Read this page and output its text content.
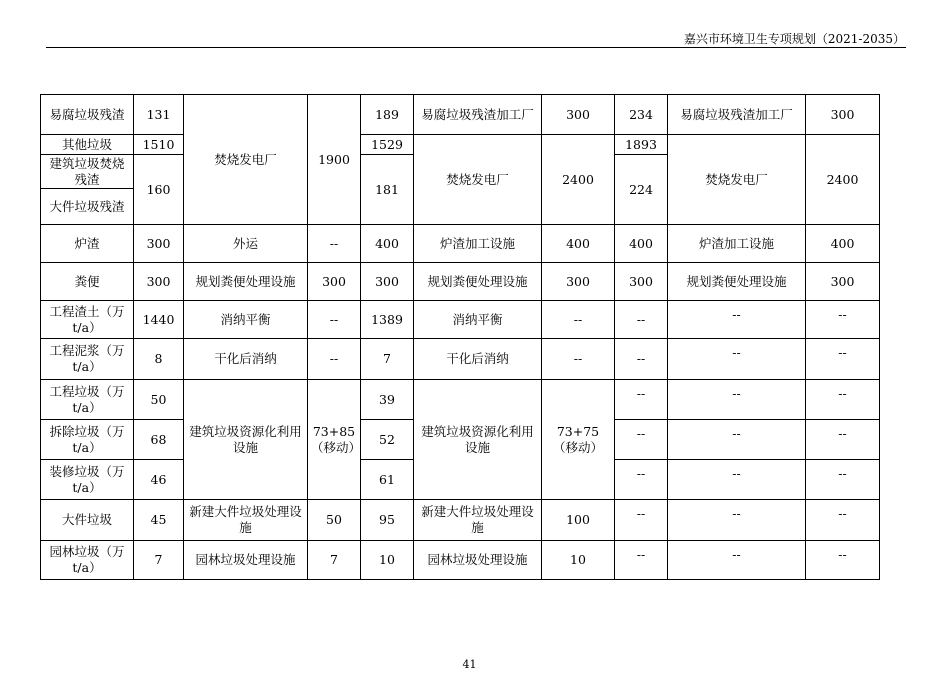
嘉兴市环境卫生专项规划（2021-2035）
易腐垃圾残渣	131	焚烧发电厂	1900	189	易腐垃圾残渣加工厂	300	234	易腐垃圾残渣加工厂	300
其他垃圾	1510			1529	焚烧发电厂	2400	1893	焚烧发电厂	2400
建筑垃圾焚烧残渣	160			181			224		
大件垃圾残渣									
炉渣	300	外运	--	400	炉渣加工设施	400	400	炉渣加工设施	400
粪便	300	规划粪便处理设施	300	300	规划粪便处理设施	300	300	规划粪便处理设施	300
工程渣土（万t/a）	1440	消纳平衡	--	1389	消纳平衡	--	--	--	--
工程泥浆（万t/a）	8	干化后消纳	--	7	干化后消纳	--	--	--	--
工程垃圾（万t/a）	50	建筑垃圾资源化利用设施	73+85（移动）	39	建筑垃圾资源化利用设施	73+75（移动）	--	--	--
拆除垃圾（万t/a）	68			52			--	--	--
装修垃圾（万t/a）	46			61			--	--	--
大件垃圾	45	新建大件垃圾处理设施	50	95	新建大件垃圾处理设施	100	--	--	--
园林垃圾（万t/a）	7	园林垃圾处理设施	7	10	园林垃圾处理设施	10	--	--	--
41
